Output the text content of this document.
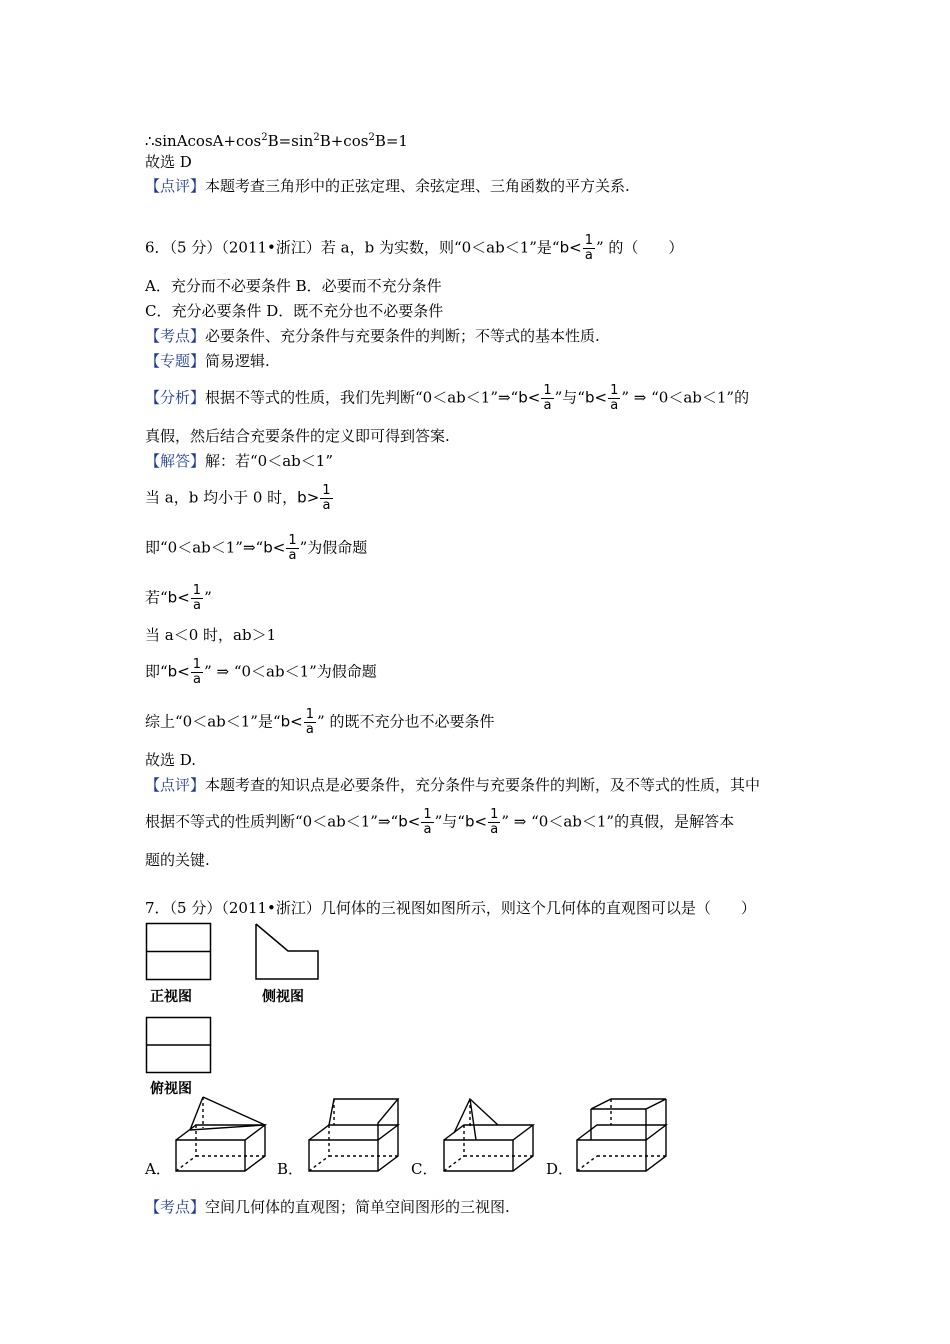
$\therefore sinAcosA+\cos^2B=\sin^2B+\cos^2B=1$
故选 D
【点评】本题考查三角形中的正弦定理、余弦定理、三角函数的平方关系.
6．（5 分）（2011•浙江）若 a，b 为实数，则“0＜ab＜1”是“$b< \frac{1}{a}$ ” 的（　　）
A．充分而不必要条件 B．必要而不充分条件
C．充分必要条件 D．既不充分也不必要条件
【考点】必要条件、充分条件与充要条件的判断；不等式的基本性质.
【专题】简易逻辑.
【分析】根据不等式的性质，我们先判断“0＜ab＜1”⇒“b< $\frac{1}{a}$ ”与“$b< \frac{1}{a}$ ” ⇒ “0＜ab＜1”的
真假，然后结合充要条件的定义即可得到答案.
【解答】解：若“0＜ab＜1”
当 a，b 均小于 0 时，$b> \frac{1}{a}$
即“0＜ab＜1”⇒“b< $\frac{1}{a}$ ”为假命题
若“$b< \frac{1}{a}$ ”
当 a＜0 时，ab＞1
即“$b< \frac{1}{a}$ ” ⇒ “0＜ab＜1”为假命题
综上“0＜ab＜1”是“$b< \frac{1}{a}$ ” 的既不充分也不必要条件
故选 D.
【点评】本题考查的知识点是必要条件，充分条件与充要条件的判断，及不等式的性质，其中
根据不等式的性质判断“0＜ab＜1”⇒“b< $\frac{1}{a}$ ”与“$b< \frac{1}{a}$ ” ⇒ “0＜ab＜1”的真假，是解答本
题的关键.
7．（5 分）（2011•浙江）几何体的三视图如图所示，则这个几何体的直观图可以是（　　）
正视图	侧视图
俯视图
A．	B．	C．	D．
【考点】空间几何体的直观图；简单空间图形的三视图.
